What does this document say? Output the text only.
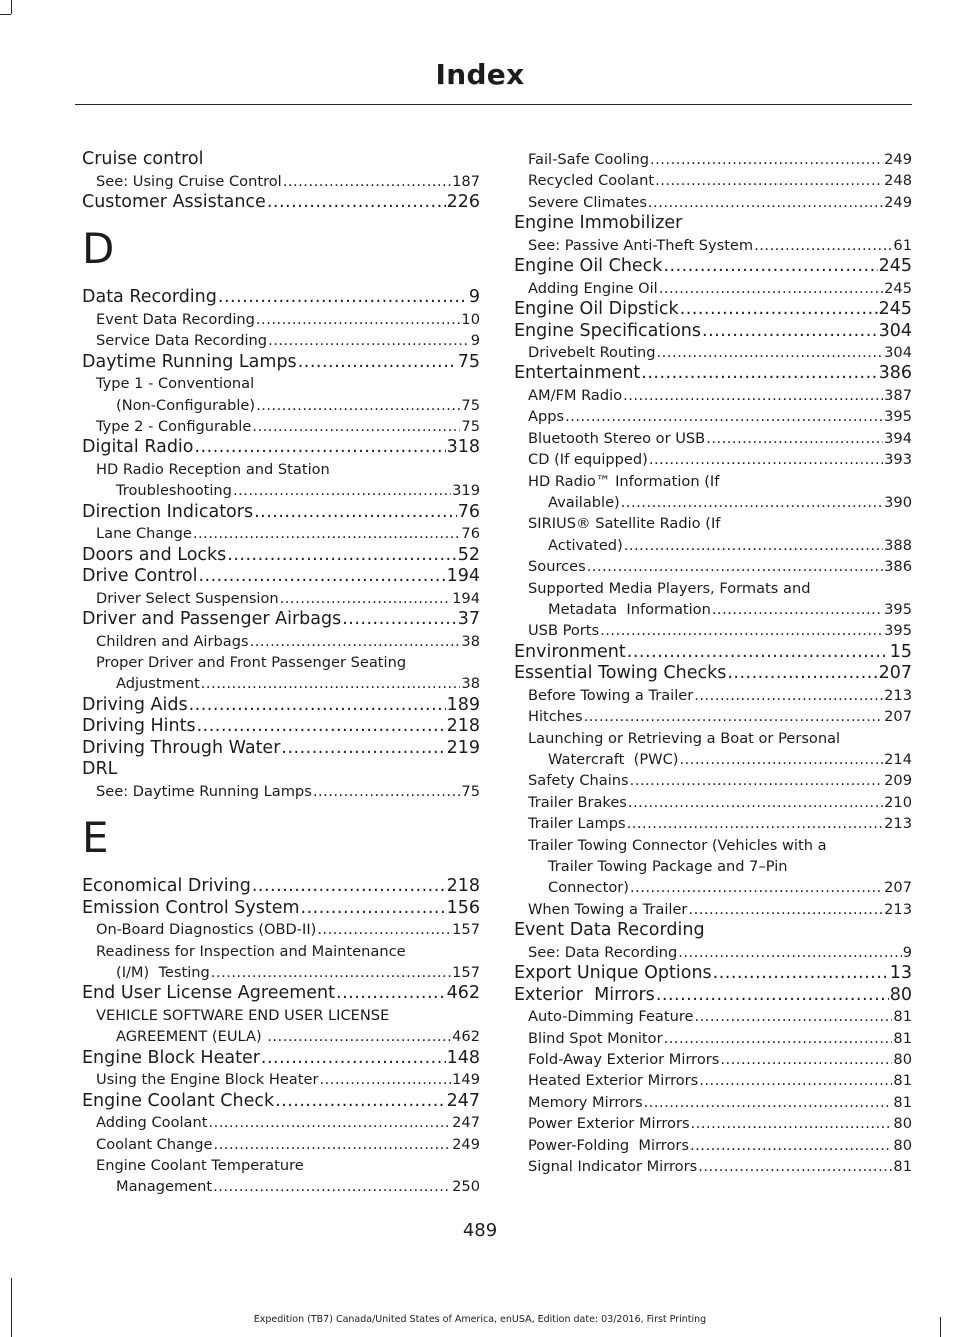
Index
Cruise control
See: Using Cruise Control .....	187
Customer Assistance .....	226
D
Data Recording .....	9
Event Data Recording .....	10
Service Data Recording .....	9
Daytime Running Lamps .....	75
Type 1 - Conventional
(Non-Configurable) .....	75
Type 2 - Configurable .....	75
Digital Radio .....	318
HD Radio Reception and Station
Troubleshooting .....	319
Direction Indicators .....	76
Lane Change .....	76
Doors and Locks .....	52
Drive Control .....	194
Driver Select Suspension .....	194
Driver and Passenger Airbags .....	37
Children and Airbags .....	38
Proper Driver and Front Passenger Seating
Adjustment .....	38
Driving Aids .....	189
Driving Hints .....	218
Driving Through Water .....	219
DRL
See: Daytime Running Lamps .....	75
E
Economical Driving .....	218
Emission Control System .....	156
On-Board Diagnostics (OBD-II) .....	157
Readiness for Inspection and Maintenance
(I/M)  Testing .....	157
End User License Agreement .....	462
VEHICLE SOFTWARE END USER LICENSE
AGREEMENT (EULA) .....	462
Engine Block Heater .....	148
Using the Engine Block Heater .....	149
Engine Coolant Check .....	247
Adding Coolant .....	247
Coolant Change .....	249
Engine Coolant Temperature
Management .....	250
Fail-Safe Cooling .....	249
Recycled Coolant .....	248
Severe Climates .....	249
Engine Immobilizer
See: Passive Anti-Theft System .....	61
Engine Oil Check .....	245
Adding Engine Oil .....	245
Engine Oil Dipstick .....	245
Engine Specifications .....	304
Drivebelt Routing .....	304
Entertainment .....	386
AM/FM Radio .....	387
Apps .....	395
Bluetooth Stereo or USB .....	394
CD (If equipped) .....	393
HD Radio™ Information (If
Available) .....	390
SIRIUS® Satellite Radio (If
Activated) .....	388
Sources .....	386
Supported Media Players, Formats and
Metadata  Information .....	395
USB Ports .....	395
Environment .....	15
Essential Towing Checks .....	207
Before Towing a Trailer .....	213
Hitches .....	207
Launching or Retrieving a Boat or Personal
Watercraft  (PWC) .....	214
Safety Chains .....	209
Trailer Brakes .....	210
Trailer Lamps .....	213
Trailer Towing Connector (Vehicles with a
Trailer Towing Package and 7–Pin
Connector) .....	207
When Towing a Trailer .....	213
Event Data Recording
See: Data Recording .....	9
Export Unique Options .....	13
Exterior  Mirrors .....	80
Auto-Dimming Feature .....	81
Blind Spot Monitor .....	81
Fold-Away Exterior Mirrors .....	80
Heated Exterior Mirrors .....	81
Memory Mirrors .....	81
Power Exterior Mirrors .....	80
Power-Folding  Mirrors .....	80
Signal Indicator Mirrors .....	81
489
Expedition (TB7) Canada/United States of America, enUSA, Edition date: 03/2016, First Printing
